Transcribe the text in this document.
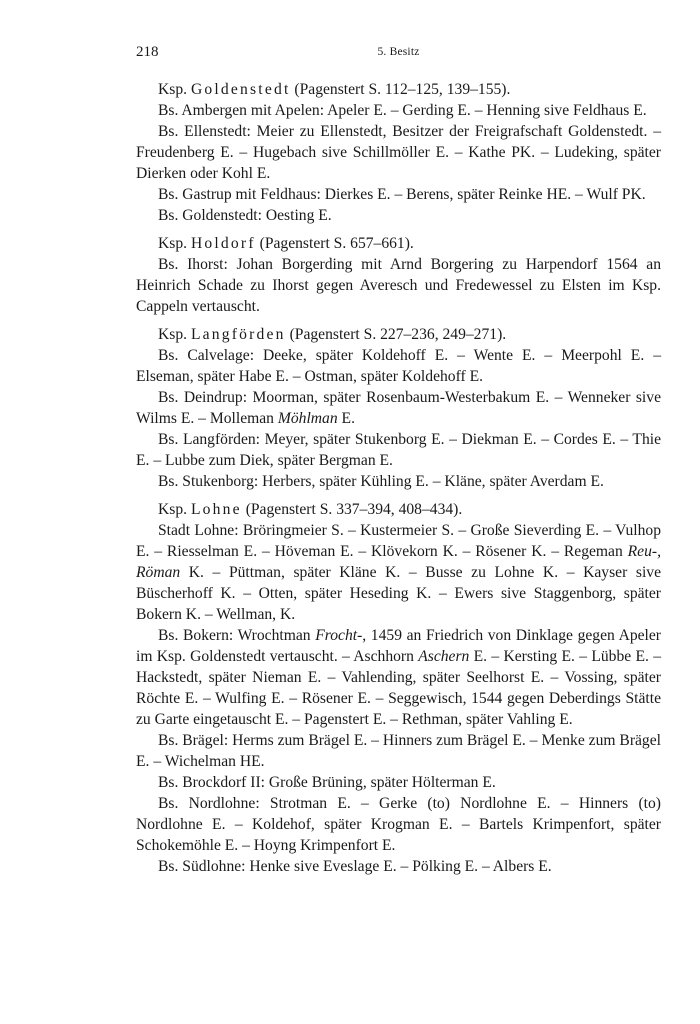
218	5. Besitz

Ksp. Goldenstedt (Pagenstert S. 112–125, 139–155).

Bs. Ambergen mit Apelen: Apeler E. – Gerding E. – Henning sive Feldhaus E.

Bs. Ellenstedt: Meier zu Ellenstedt, Besitzer der Freigrafschaft Goldenstedt. – Freudenberg E. – Hugebach sive Schillmöller E. – Kathe PK. – Ludeking, später Dierken oder Kohl E.

Bs. Gastrup mit Feldhaus: Dierkes E. – Berens, später Reinke HE. – Wulf PK.

Bs. Goldenstedt: Oesting E.

Ksp. Holdorf (Pagenstert S. 657–661).

Bs. Ihorst: Johan Borgerding mit Arnd Borgering zu Harpendorf 1564 an Heinrich Schade zu Ihorst gegen Averesch und Fredewessel zu Elsten im Ksp. Cappeln vertauscht.

Ksp. Langförden (Pagenstert S. 227–236, 249–271).

Bs. Calvelage: Deeke, später Koldehoff E. – Wente E. – Meerpohl E. – Elseman, später Habe E. – Ostman, später Koldehoff E.

Bs. Deindrup: Moorman, später Rosenbaum-Westerbakum E. – Wenneker sive Wilms E. – Molleman Möhlman E.

Bs. Langförden: Meyer, später Stukenborg E. – Diekman E. – Cordes E. – Thie E. – Lubbe zum Diek, später Bergman E.

Bs. Stukenborg: Herbers, später Kühling E. – Kläne, später Averdam E.

Ksp. Lohne (Pagenstert S. 337–394, 408–434).

Stadt Lohne: Bröringmeier S. – Kustermeier S. – Große Sieverding E. – Vulhop E. – Riesselman E. – Höveman E. – Klövekorn K. – Rösener K. – Regeman Reu-, Röman K. – Püttman, später Kläne K. – Busse zu Lohne K. – Kayser sive Büscherhoff K. – Otten, später Heseding K. – Ewers sive Staggenborg, später Bokern K. – Wellman, K.

Bs. Bokern: Wrochtman Frocht-, 1459 an Friedrich von Dinklage gegen Apeler im Ksp. Goldenstedt vertauscht. – Aschhorn Aschern E. – Kersting E. – Lübbe E. – Hackstedt, später Nieman E. – Vahlending, später Seelhorst E. – Vossing, später Röchte E. – Wulfing E. – Rösener E. – Seggewisch, 1544 gegen Deberdings Stätte zu Garte eingetauscht E. – Pagenstert E. – Rethman, später Vahling E.

Bs. Brägel: Herms zum Brägel E. – Hinners zum Brägel E. – Menke zum Brägel E. – Wichelman HE.

Bs. Brockdorf II: Große Brüning, später Hölterman E.

Bs. Nordlohne: Strotman E. – Gerke (to) Nordlohne E. – Hinners (to) Nordlohne E. – Koldehof, später Krogman E. – Bartels Krimpenfort, später Schokemöhle E. – Hoyng Krimpenfort E.

Bs. Südlohne: Henke sive Eveslage E. – Pölking E. – Albers E.
